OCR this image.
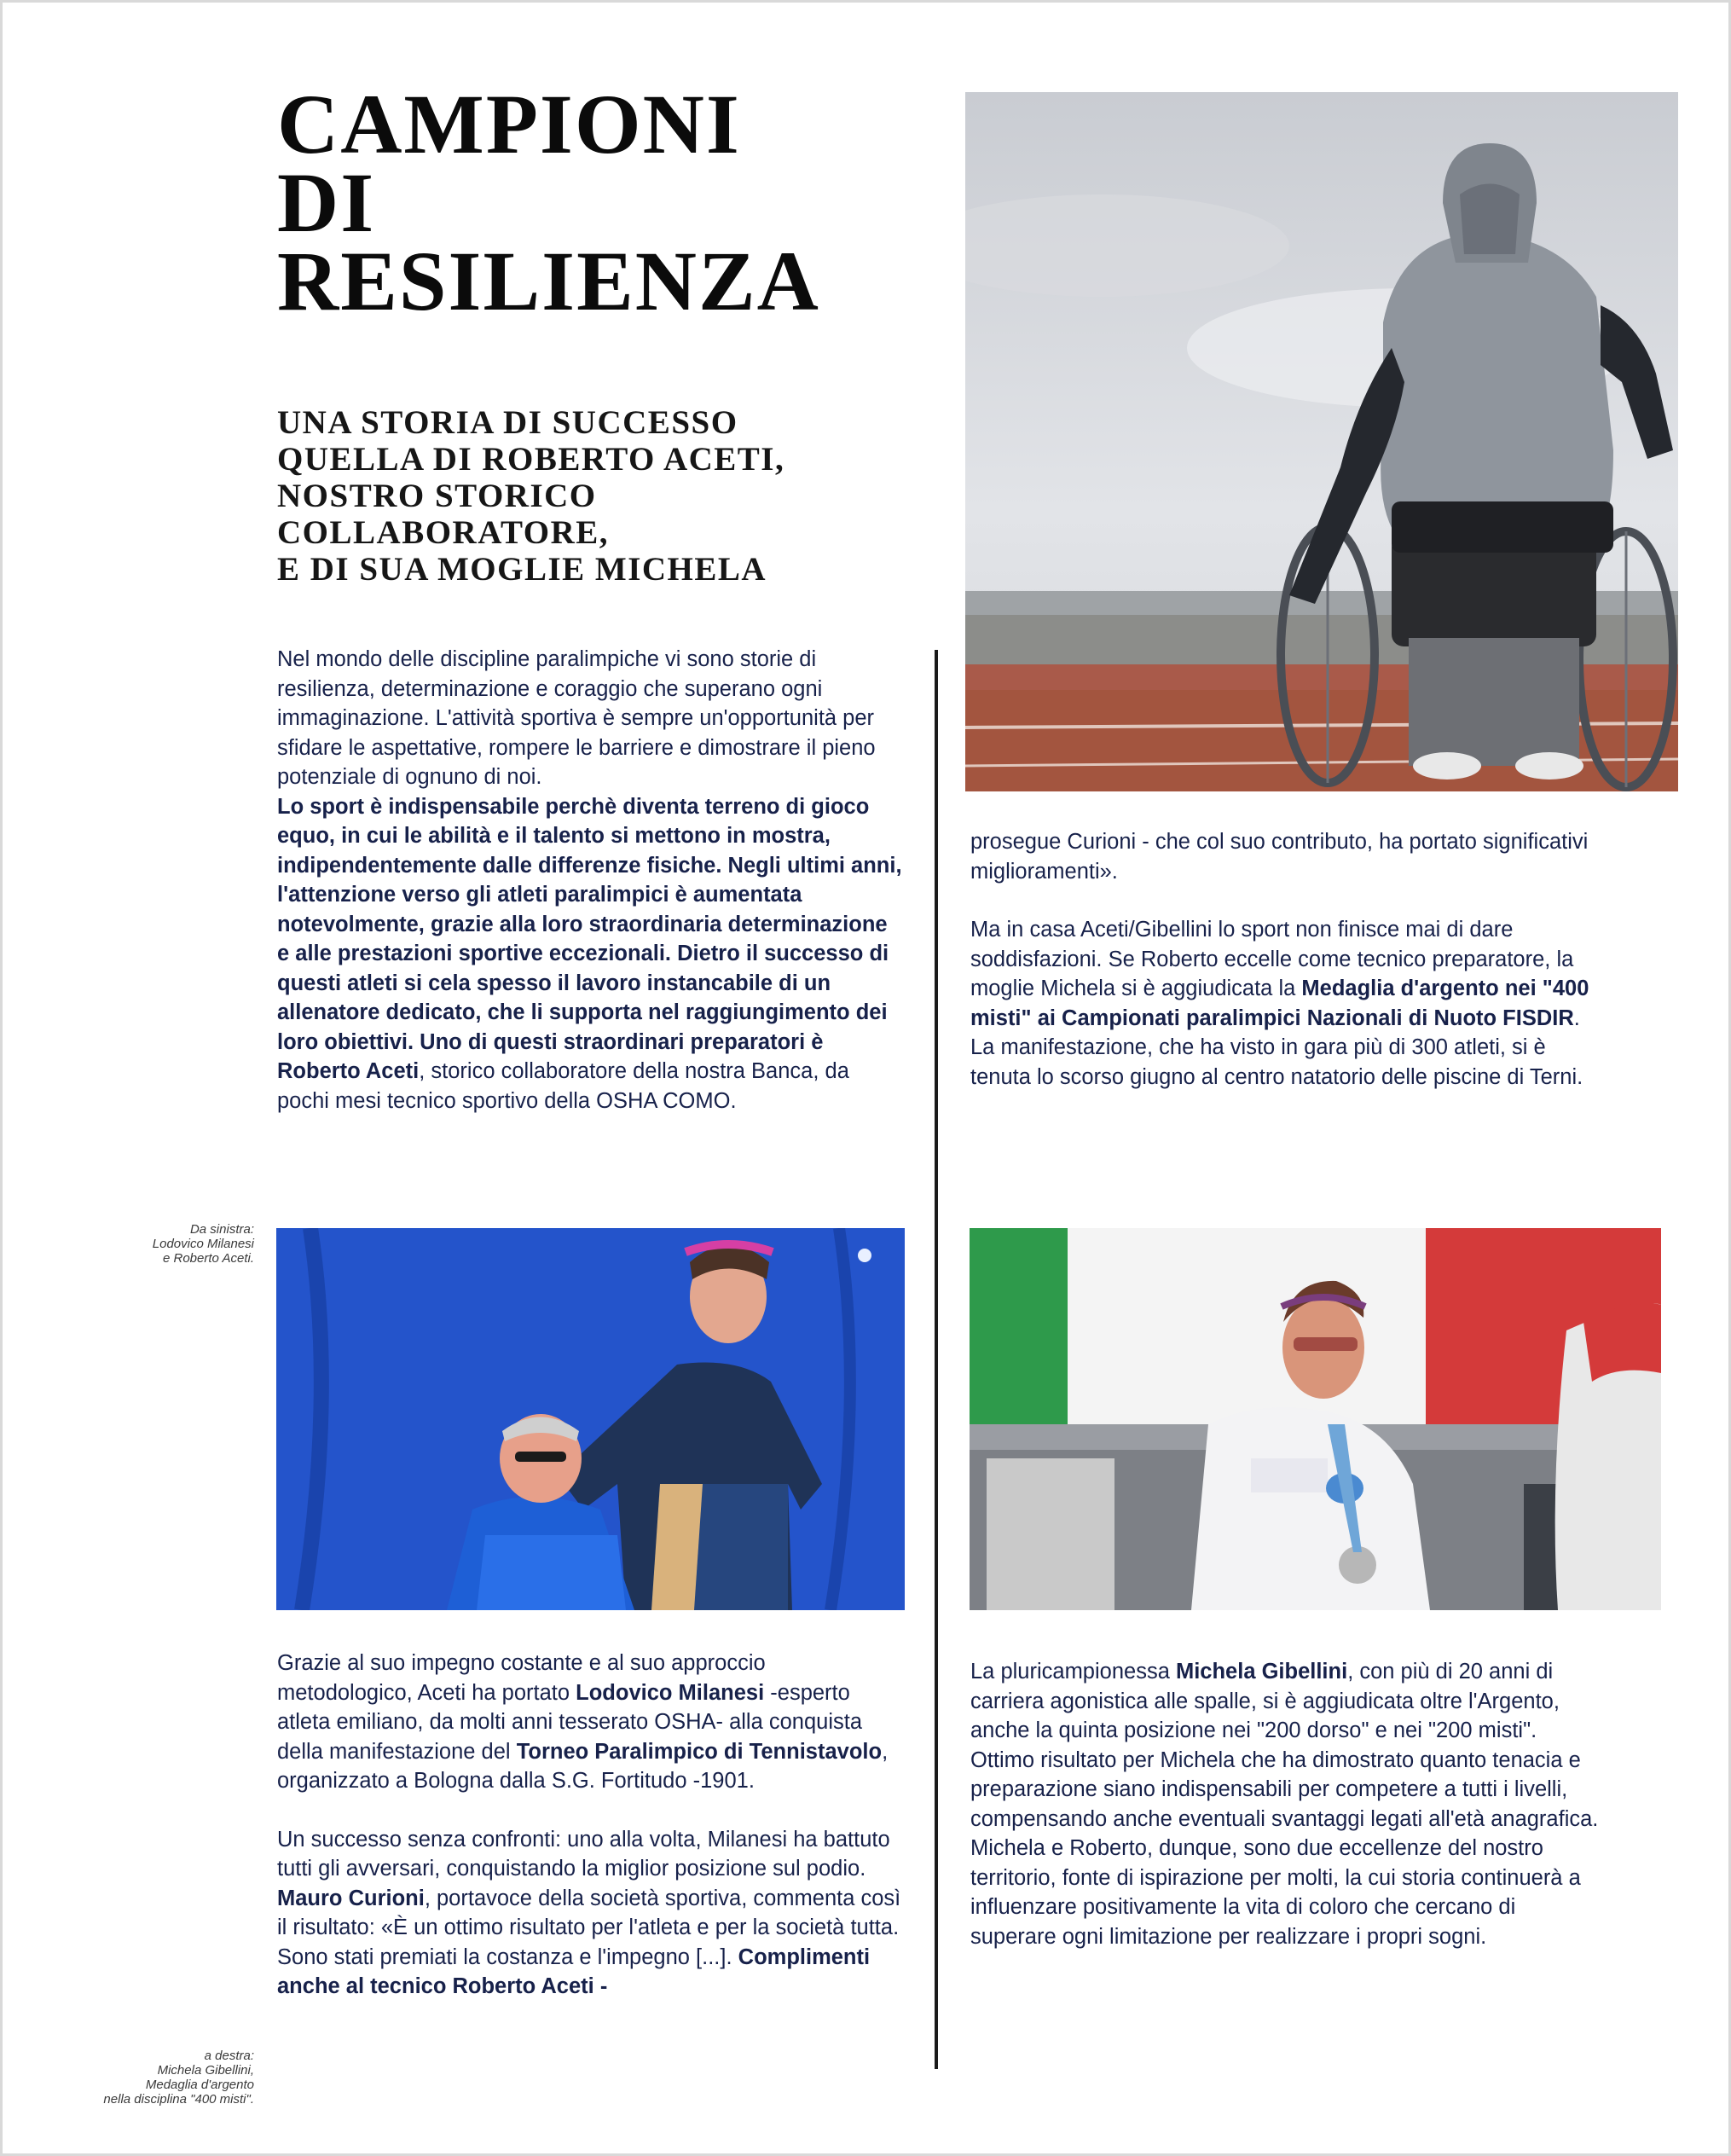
CAMPIONI
DI
RESILIENZA
UNA STORIA DI SUCCESSO
QUELLA DI ROBERTO ACETI,
NOSTRO STORICO
COLLABORATORE,
E DI SUA MOGLIE MICHELA

Nel mondo delle discipline paralimpiche vi sono storie di resilienza, determinazione e coraggio che superano ogni immaginazione. L'attività sportiva è sempre un'opportunità per sfidare le aspettative, rompere le barriere e dimostrare il pieno potenziale di ognuno di noi.

Lo sport è indispensabile perchè diventa terreno di gioco equo, in cui le abilità e il talento si mettono in mostra, indipendentemente dalle differenze fisiche. Negli ultimi anni, l'attenzione verso gli atleti paralimpici è aumentata notevolmente, grazie alla loro straordinaria determinazione e alle prestazioni sportive eccezionali. Dietro il successo di questi atleti si cela spesso il lavoro instancabile di un allenatore dedicato, che li supporta nel raggiungimento dei loro obiettivi. Uno di questi straordinari preparatori è Roberto Aceti, storico collaboratore della nostra Banca, da pochi mesi tecnico sportivo della OSHA COMO.

prosegue Curioni - che col suo contributo, ha portato significativi miglioramenti».

Ma in casa Aceti/Gibellini lo sport non finisce mai di dare soddisfazioni. Se Roberto eccelle come tecnico preparatore, la moglie Michela si è aggiudicata la Medaglia d'argento nei "400 misti" ai Campionati paralimpici Nazionali di Nuoto FISDIR. La manifestazione, che ha visto in gara più di 300 atleti, si è tenuta lo scorso giugno al centro natatorio delle piscine di Terni.

Da sinistra:
Lodovico Milanesi
e Roberto Aceti.

Grazie al suo impegno costante e al suo approccio metodologico, Aceti ha portato Lodovico Milanesi -esperto atleta emiliano, da molti anni tesserato OSHA- alla conquista della manifestazione del Torneo Paralimpico di Tennistavolo, organizzato a Bologna dalla S.G. Fortitudo -1901.

Un successo senza confronti: uno alla volta, Milanesi ha battuto tutti gli avversari, conquistando la miglior posizione sul podio. Mauro Curioni, portavoce della società sportiva, commenta così il risultato: «È un ottimo risultato per l'atleta e per la società tutta. Sono stati premiati la costanza e l'impegno [...]. Complimenti anche al tecnico Roberto Aceti -

La pluricampionessa Michela Gibellini, con più di 20 anni di carriera agonistica alle spalle, si è aggiudicata oltre l'Argento, anche la quinta posizione nei "200 dorso" e nei "200 misti".

Ottimo risultato per Michela che ha dimostrato quanto tenacia e preparazione siano indispensabili per competere a tutti i livelli, compensando anche eventuali svantaggi legati all'età anagrafica.

Michela e Roberto, dunque, sono due eccellenze del nostro territorio, fonte di ispirazione per molti, la cui storia continuerà a influenzare positivamente la vita di coloro che cercano di superare ogni limitazione per realizzare i propri sogni.

a destra:
Michela Gibellini,
Medaglia d'argento
nella disciplina "400 misti".
